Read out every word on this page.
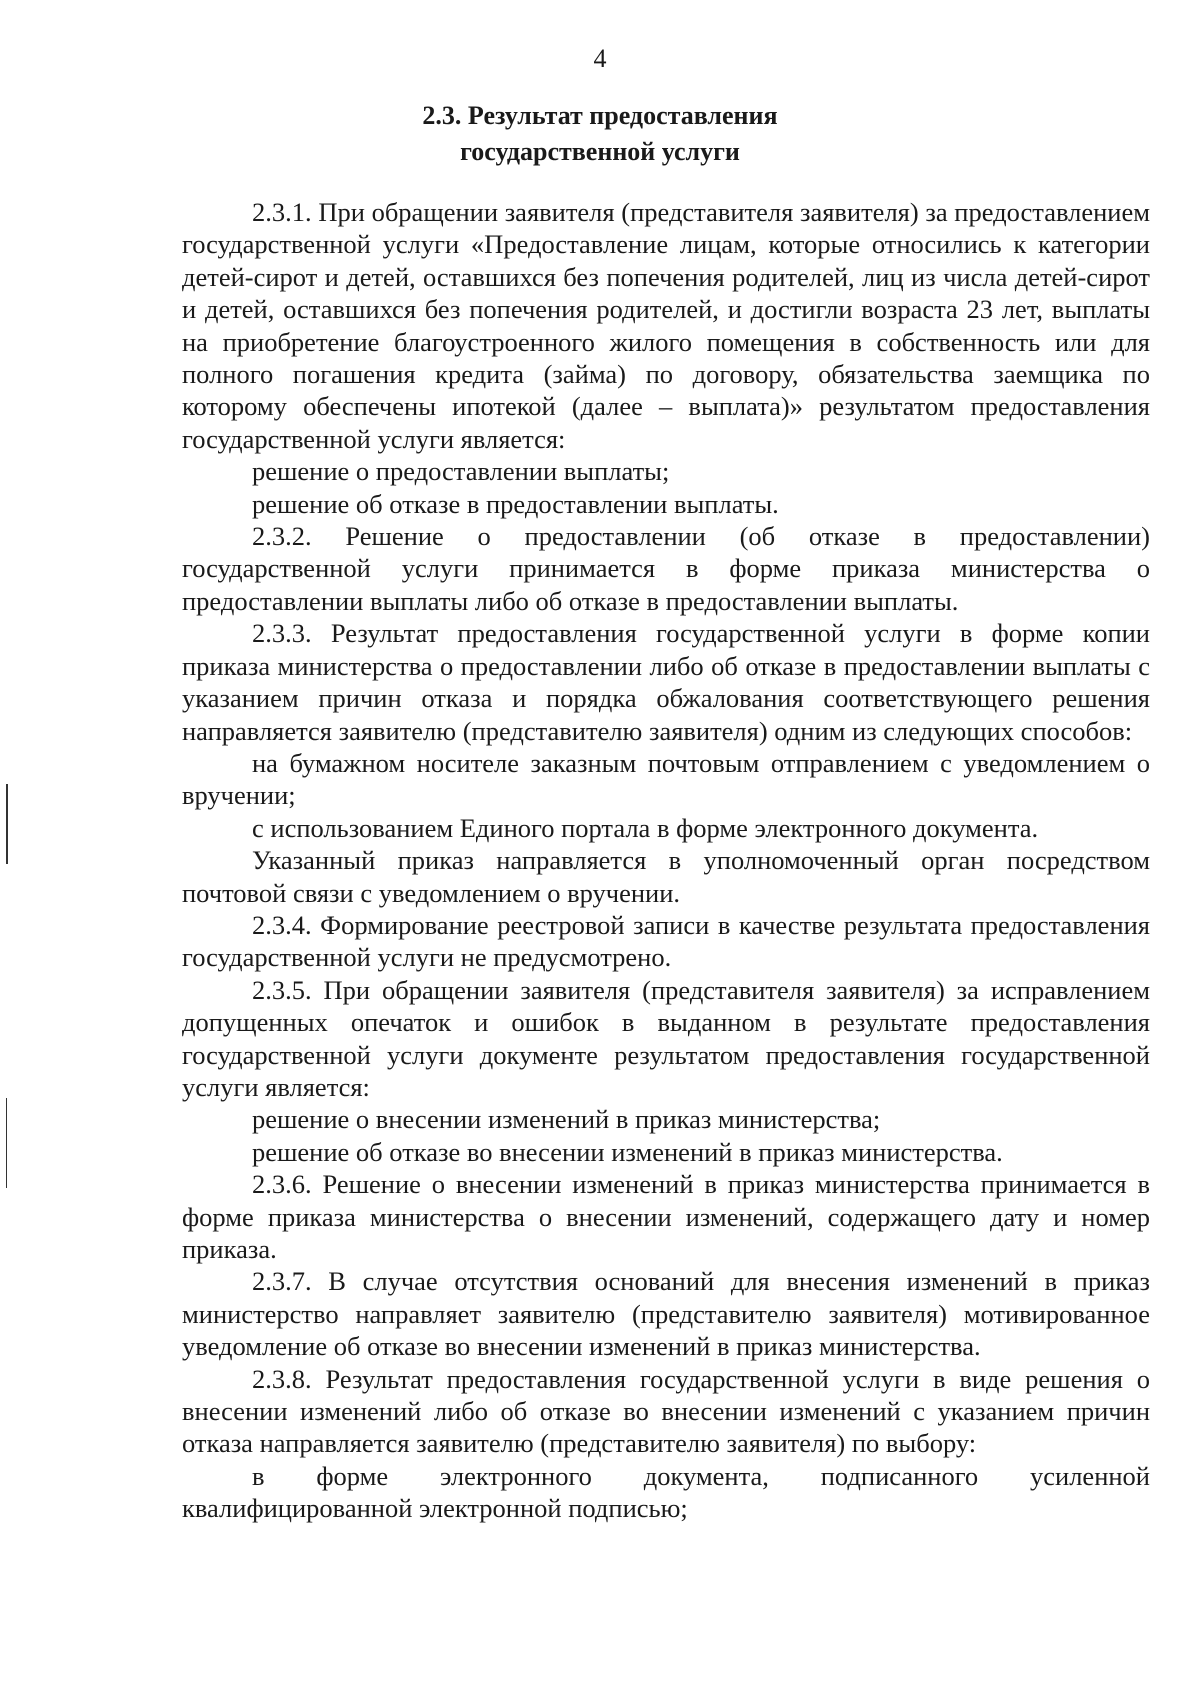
4
2.3. Результат предоставления
государственной услуги

2.3.1. При обращении заявителя (представителя заявителя) за предоставлением государственной услуги «Предоставление лицам, которые относились к категории детей-сирот и детей, оставшихся без попечения родителей, лиц из числа детей-сирот и детей, оставшихся без попечения родителей, и достигли возраста 23 лет, выплаты на приобретение благоустроенного жилого помещения в собственность или для полного погашения кредита (займа) по договору, обязательства заемщика по которому обеспечены ипотекой (далее – выплата)» результатом предоставления государственной услуги является:

решение о предоставлении выплаты;

решение об отказе в предоставлении выплаты.

2.3.2. Решение о предоставлении (об отказе в предоставлении) государственной услуги принимается в форме приказа министерства о предоставлении выплаты либо об отказе в предоставлении выплаты.

2.3.3. Результат предоставления государственной услуги в форме копии приказа министерства о предоставлении либо об отказе в предоставлении выплаты с указанием причин отказа и порядка обжалования соответствующего решения направляется заявителю (представителю заявителя) одним из следующих способов:

на бумажном носителе заказным почтовым отправлением с уведомлением о вручении;

с использованием Единого портала в форме электронного документа.

Указанный приказ направляется в уполномоченный орган посредством почтовой связи с уведомлением о вручении.

2.3.4. Формирование реестровой записи в качестве результата предоставления государственной услуги не предусмотрено.

2.3.5. При обращении заявителя (представителя заявителя) за исправлением допущенных опечаток и ошибок в выданном в результате предоставления государственной услуги документе результатом предоставления государственной услуги является:

решение о внесении изменений в приказ министерства;

решение об отказе во внесении изменений в приказ министерства.

2.3.6. Решение о внесении изменений в приказ министерства принимается в форме приказа министерства о внесении изменений, содержащего дату и номер приказа.

2.3.7. В случае отсутствия оснований для внесения изменений в приказ министерство направляет заявителю (представителю заявителя) мотивированное уведомление об отказе во внесении изменений в приказ министерства.

2.3.8. Результат предоставления государственной услуги в виде решения о внесении изменений либо об отказе во внесении изменений с указанием причин отказа направляется заявителю (представителю заявителя) по выбору:

в форме электронного документа, подписанного усиленной квалифицированной электронной подписью;
